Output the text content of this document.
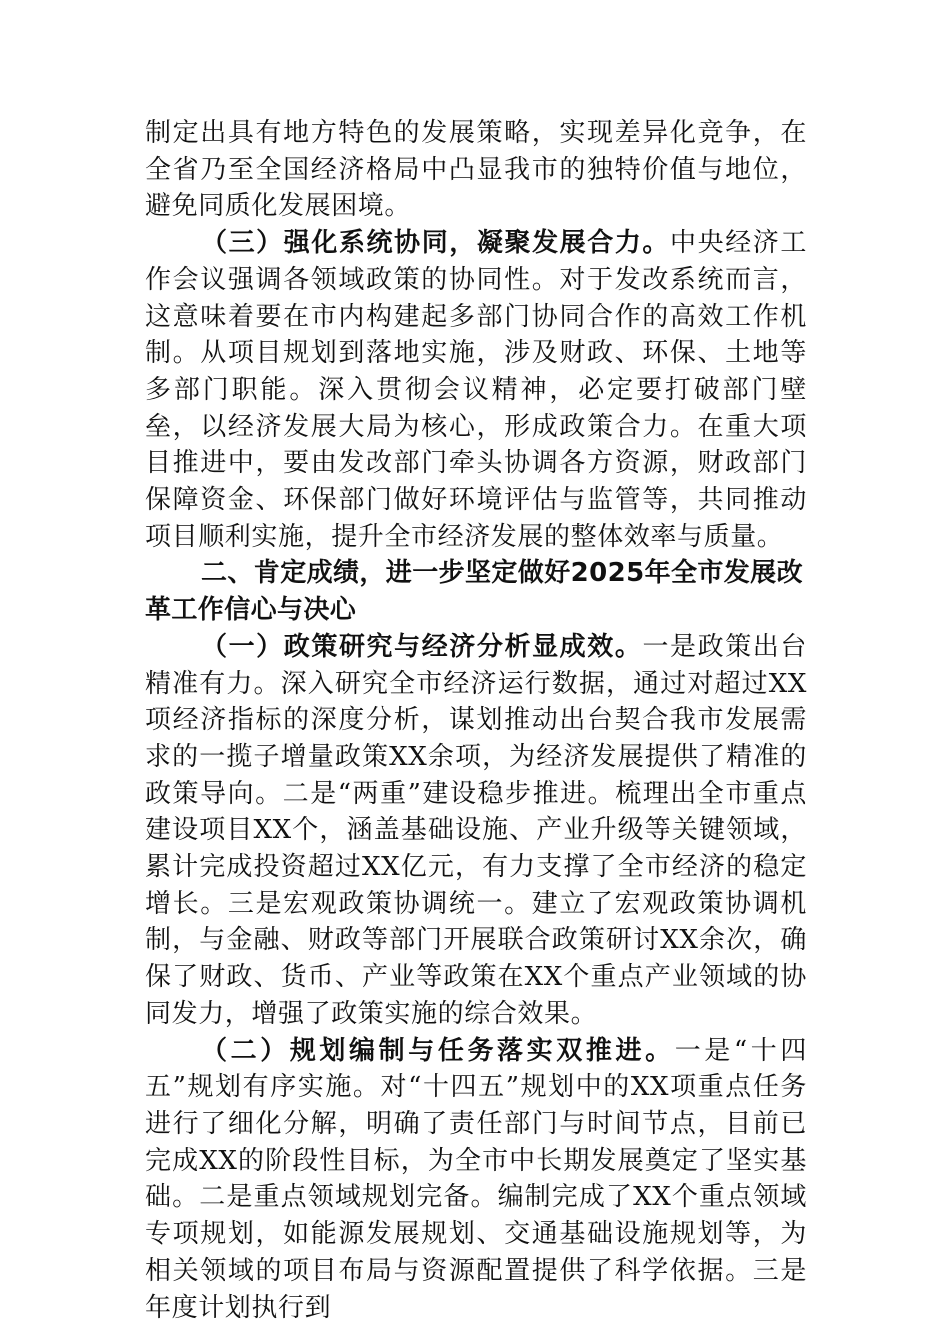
制定出具有地方特色的发展策略，实现差异化竞争，在全省乃至全国经济格局中凸显我市的独特价值与地位，避免同质化发展困境。

（三）强化系统协同，凝聚发展合力。中央经济工作会议强调各领域政策的协同性。对于发改系统而言，这意味着要在市内构建起多部门协同合作的高效工作机制。从项目规划到落地实施，涉及财政、环保、土地等多部门职能。深入贯彻会议精神，必定要打破部门壁垒，以经济发展大局为核心，形成政策合力。在重大项目推进中，要由发改部门牵头协调各方资源，财政部门保障资金、环保部门做好环境评估与监管等，共同推动项目顺利实施，提升全市经济发展的整体效率与质量。

二、肯定成绩，进一步坚定做好2025年全市发展改革工作信心与决心

（一）政策研究与经济分析显成效。一是政策出台精准有力。深入研究全市经济运行数据，通过对超过XX项经济指标的深度分析，谋划推动出台契合我市发展需求的一揽子增量政策XX余项，为经济发展提供了精准的政策导向。二是“两重”建设稳步推进。梳理出全市重点建设项目XX个，涵盖基础设施、产业升级等关键领域，累计完成投资超过XX亿元，有力支撑了全市经济的稳定增长。三是宏观政策协调统一。建立了宏观政策协调机制，与金融、财政等部门开展联合政策研讨XX余次，确保了财政、货币、产业等政策在XX个重点产业领域的协同发力，增强了政策实施的综合效果。

（二）规划编制与任务落实双推进。一是“十四五”规划有序实施。对“十四五”规划中的XX项重点任务进行了细化分解，明确了责任部门与时间节点，目前已完成XX的阶段性目标，为全市中长期发展奠定了坚实基础。二是重点领域规划完备。编制完成了XX个重点领域专项规划，如能源发展规划、交通基础设施规划等，为相关领域的项目布局与资源配置提供了科学依据。三是年度计划执行到
